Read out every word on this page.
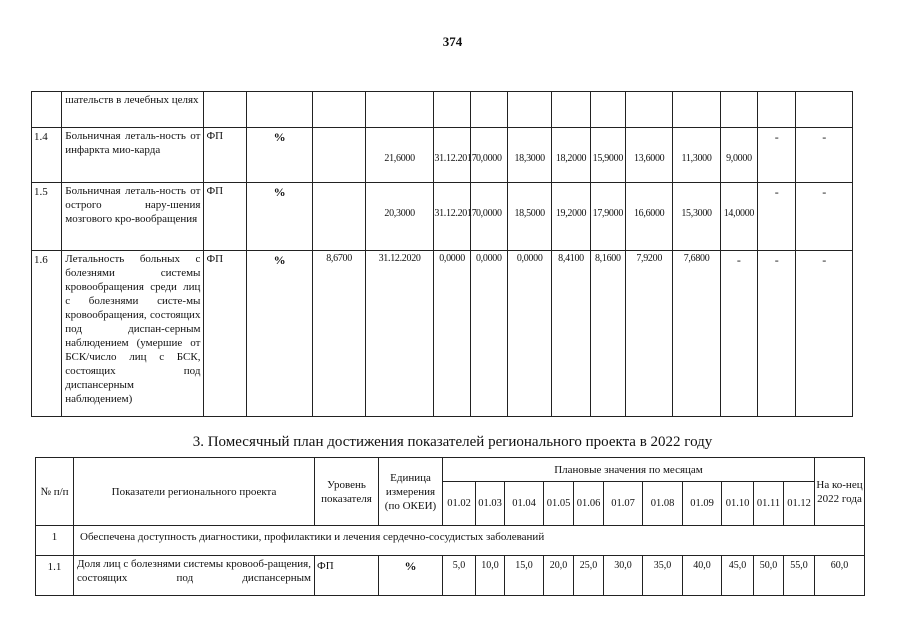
374
	шательств в лечебных целях														
1.4	Больничная леталь-ность от инфаркта мио-карда	ФП	%		21,6000	31.12.2017	0,0000	18,3000	18,2000	15,9000	13,6000	11,3000	9,0000	-	-
1.5	Больничная леталь-ность от острого нару-шения мозгового кро-вообращения	ФП	%		20,3000	31.12.2017	0,0000	18,5000	19,2000	17,9000	16,6000	15,3000	14,0000	-	-
1.6	Летальность больных с болезнями системы кровообращения среди лиц с болезнями систе-мы кровообращения, состоящих под диспан-серным наблюдением (умершие от БСК/число лиц с БСК, состоящих под диспансерным наблюдением)	ФП	%	8,6700	31.12.2020	0,0000	0,0000	0,0000	8,4100	8,1600	7,9200	7,6800	-	-	-
3. Помесячный план достижения показателей регионального проекта в 2022 году
№ п/п	Показатели регионального проекта	Уровень показателя	Единица измерения (по ОКЕИ)	Плановые значения по месяцам											На ко-нец 2022 года
				01.02	01.03	01.04	01.05	01.06	01.07	01.08	01.09	01.10	01.11	01.12	
1	Обеспечена доступность диагностики, профилактики и лечения сердечно-сосудистых заболеваний														
1.1	Доля лиц с болезнями системы кровооб-ращения, состоящих под диспансерным	ФП	%	5,0	10,0	15,0	20,0	25,0	30,0	35,0	40,0	45,0	50,0	55,0	60,0
